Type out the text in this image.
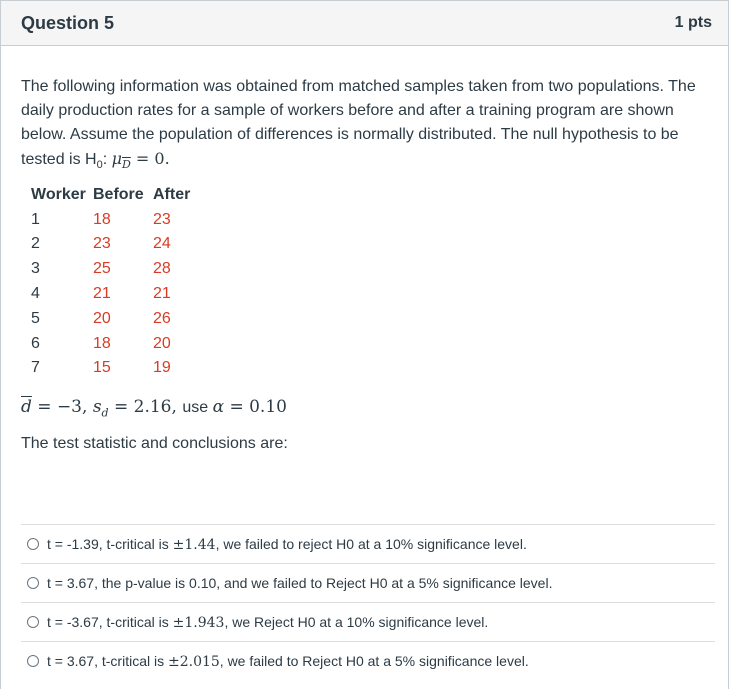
Question 5	1 pts

The following information was obtained from matched samples taken from two populations. The daily production rates for a sample of workers before and after a training program are shown below. Assume the population of differences is normally distributed. The null hypothesis to be tested is $H_0$: $\mu_{\overline{D}} = 0$.

Worker	Before	After
1	18	23
2	23	24
3	25	28
4	21	21
5	20	26
6	18	20
7	15	19
$\overline{d} = -3$, $s_d = 2.16$, use α = 0.10
The test statistic and conclusions are:
t = -1.39, t-critical is ±1.44, we failed to reject H0 at a 10% significance level.
t = 3.67, the p-value is 0.10, and we failed to Reject H0 at a 5% significance level.
t = -3.67, t-critical is ±1.943, we Reject H0 at a 10% significance level.
t = 3.67, t-critical is ±2.015, we failed to Reject H0 at a 5% significance level.
